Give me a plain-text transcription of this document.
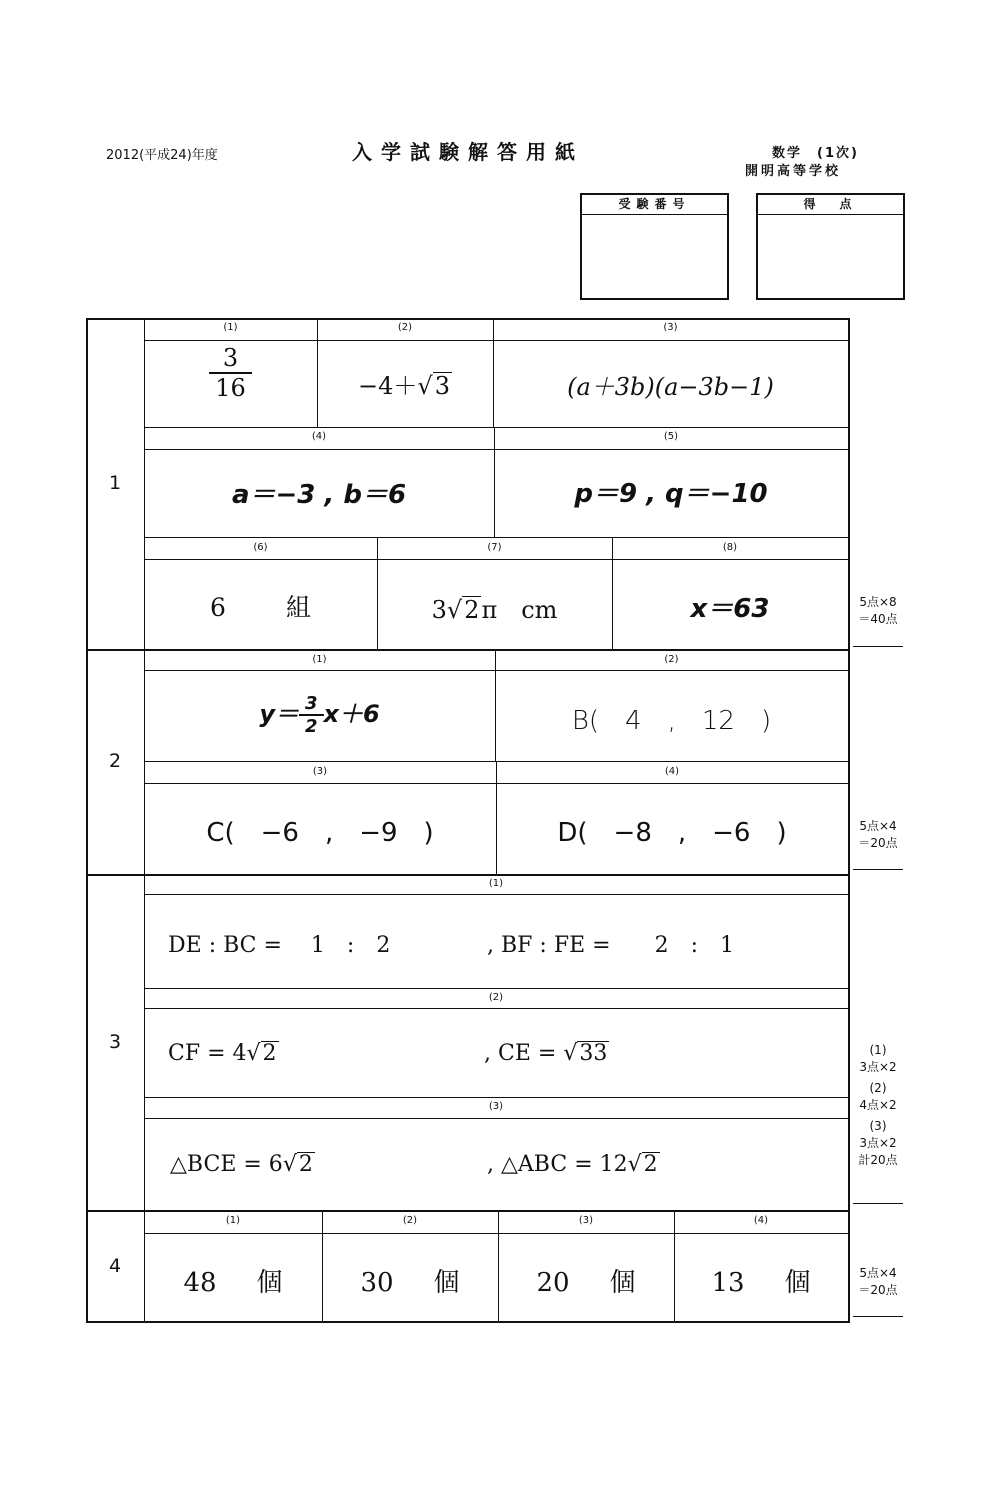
2012(平成24)年度	入学試験解答用紙	数学　(1次)
開明高等学校
受験番号	得　点
1
(1)	(2)	(3)
(4)	(5)
(6)	(7)	(8)
$\frac{3}{16}$	−4＋√3	(a＋3b)(a−3b−1)
a＝−3 , b＝6	p＝9 , q＝−10
6 組	3√2π　cm	x＝63	5点×8
＝40点
2
(1)	(2)
(3)	(4)
$y= \frac{3}{2} x+6$	B(　4　,　12　)
C(　−6　,　−9　)	D(　−8　,　−6　)	5点×4
＝20点
3
(1)
(2)
(3)
DE : BC =　 1　:　2	, BF : FE =　　2　:　1
CF = 4√2	, CE = √33
△BCE = 6√2	, △ABC = 12√2
(1)
3点×2
(2)
4点×2
(3)
3点×2
計20点
4
(1)	(2)	(3)	(4)
48 個	30 個	20 個	13 個	5点×4
＝20点
